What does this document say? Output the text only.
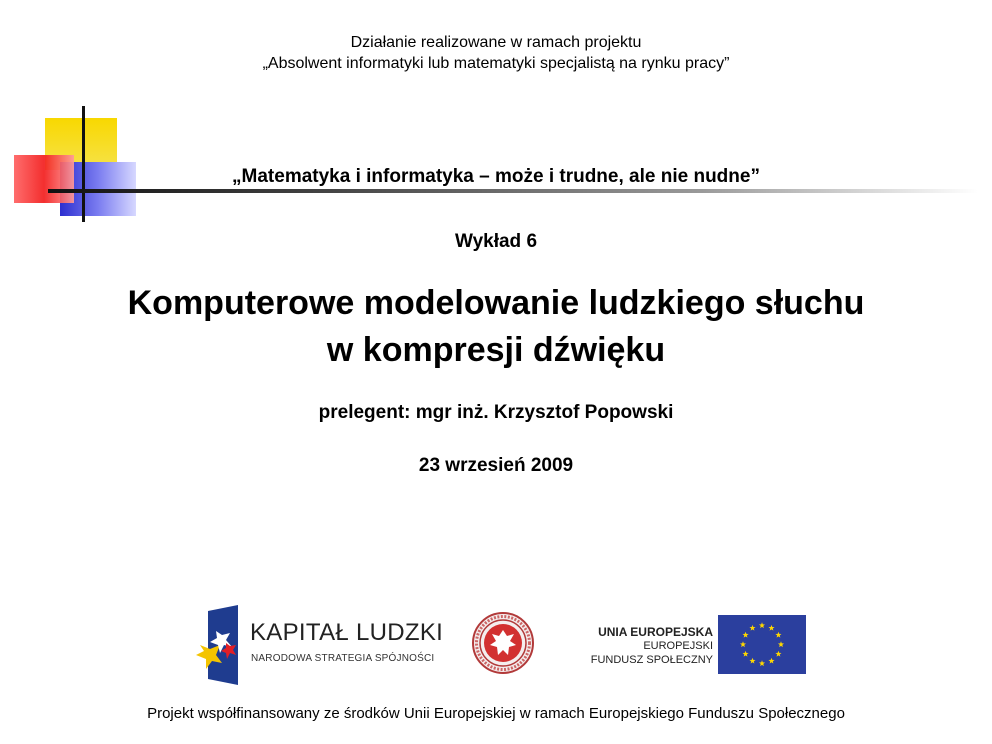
Działanie realizowane w ramach projektu
„Absolwent informatyki lub matematyki specjalistą na rynku pracy”
„Matematyka i informatyka – może i trudne, ale nie nudne”
Wykład 6
Komputerowe modelowanie ludzkiego słuchu
w kompresji dźwięku
prelegent: mgr inż. Krzysztof Popowski
23 wrzesień 2009
KAPITAŁ LUDZKI
NARODOWA STRATEGIA SPÓJNOŚCI
UNIA EUROPEJSKA
EUROPEJSKI
FUNDUSZ SPOŁECZNY
Projekt współfinansowany ze środków Unii Europejskiej w ramach Europejskiego Funduszu Społecznego
